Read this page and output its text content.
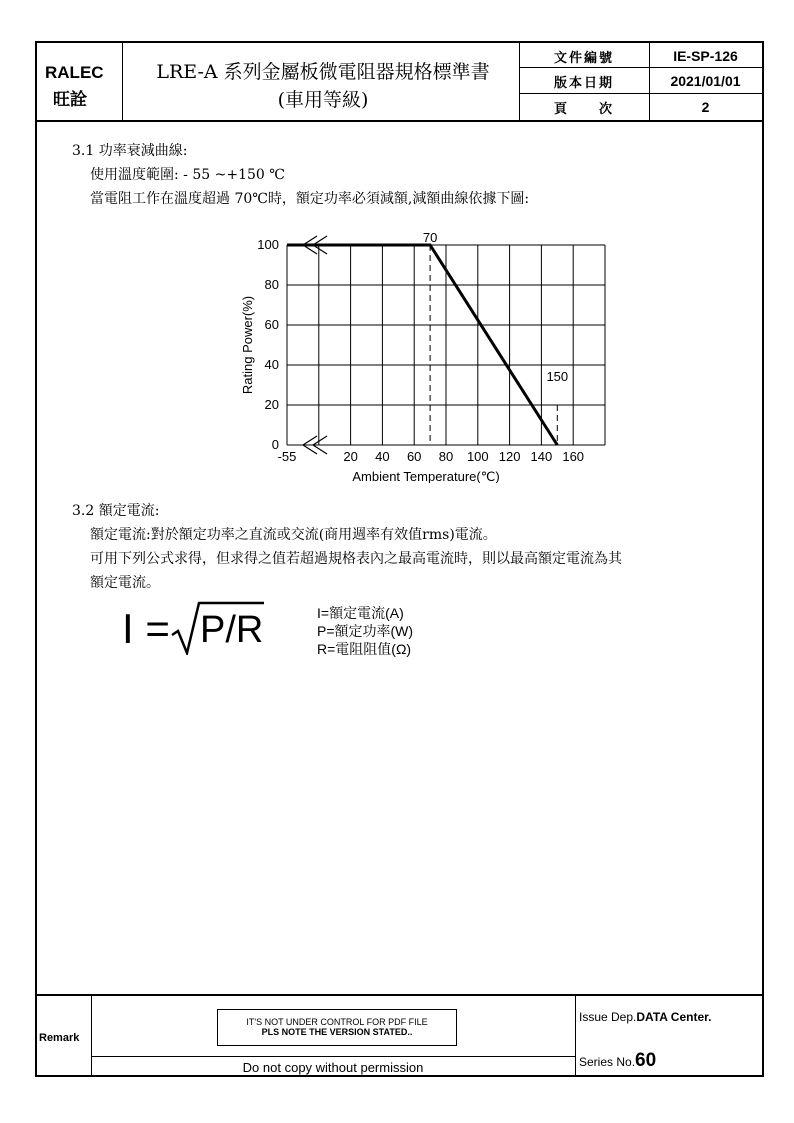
RALEC
旺詮
LRE-A 系列金屬板微電阻器規格標準書
(車用等級)
文件編號	IE-SP-126
版本日期	2021/01/01
頁　　次	2
3.1 功率衰減曲線:
使用溫度範圍: - 55 ~+150 ℃
當電阻工作在溫度超過 70℃時，額定功率必須減額,減額曲線依據下圖:
0
20
40
60
80
100
-55	20 40 60 80 100 120 140 160
70
150
Ambient Temperature(℃)
Rating Power(%)
3.2 額定電流:
額定電流:對於額定功率之直流或交流(商用週率有效值rms)電流。
可用下列公式求得，但求得之值若超過規格表內之最高電流時，則以最高額定電流為其
額定電流。
I = P/R	I=額定電流(A)
P=額定功率(W)
R=電阻阻值(Ω)
Remark
IT'S NOT UNDER CONTROL FOR PDF FILE
PLS NOTE THE VERSION STATED..
Do not copy without permission
Issue Dep.DATA Center.
Series No.60
